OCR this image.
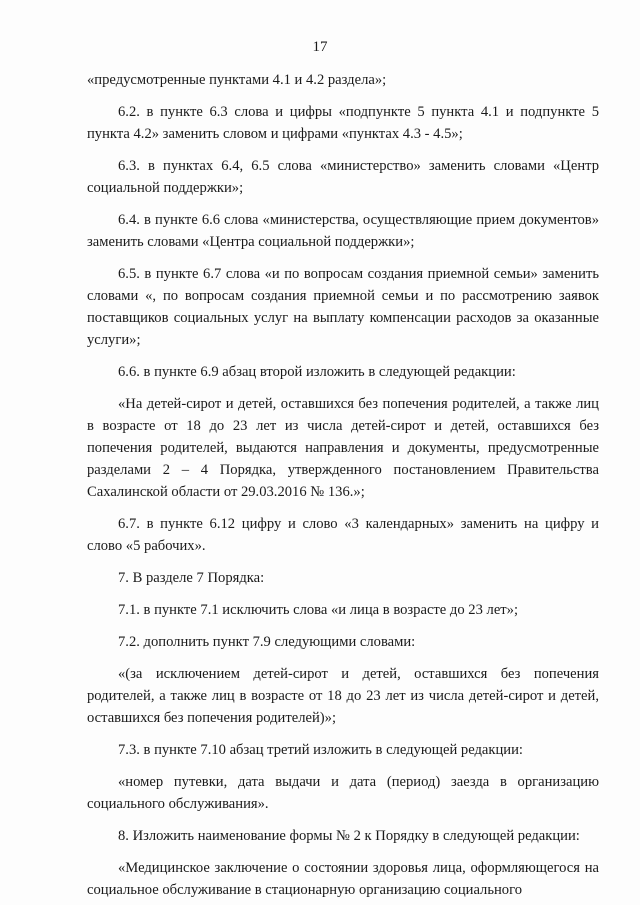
17

«предусмотренные пунктами 4.1 и 4.2 раздела»;

6.2. в пункте 6.3 слова и цифры «подпункте 5 пункта 4.1 и подпункте 5 пункта 4.2» заменить словом и цифрами «пунктах 4.3 - 4.5»;

6.3. в пунктах 6.4, 6.5 слова «министерство» заменить словами «Центр социальной поддержки»;

6.4. в пункте 6.6 слова «министерства, осуществляющие прием документов» заменить словами «Центра социальной поддержки»;

6.5. в пункте 6.7 слова «и по вопросам создания приемной семьи» заменить словами «, по вопросам создания приемной семьи и по рассмотрению заявок поставщиков социальных услуг на выплату компенсации расходов за оказанные услуги»;

6.6. в пункте 6.9 абзац второй изложить в следующей редакции:

«На детей-сирот и детей, оставшихся без попечения родителей, а также лиц в возрасте от 18 до 23 лет из числа детей-сирот и детей, оставшихся без попечения родителей, выдаются направления и документы, предусмотренные разделами 2 – 4 Порядка, утвержденного постановлением Правительства Сахалинской области от 29.03.2016 № 136.»;

6.7. в пункте 6.12 цифру и слово «3 календарных» заменить на цифру и слово «5 рабочих».

7. В разделе 7 Порядка:

7.1. в пункте 7.1 исключить слова «и лица в возрасте до 23 лет»;

7.2. дополнить пункт 7.9 следующими словами:

«(за исключением детей-сирот и детей, оставшихся без попечения родителей, а также лиц в возрасте от 18 до 23 лет из числа детей-сирот и детей, оставшихся без попечения родителей)»;

7.3. в пункте 7.10 абзац третий изложить в следующей редакции:

«номер путевки, дата выдачи и дата (период) заезда в организацию социального обслуживания».

8. Изложить наименование формы № 2 к Порядку в следующей редакции:

«Медицинское заключение о состоянии здоровья лица, оформляющегося на социальное обслуживание в стационарную организацию социального
